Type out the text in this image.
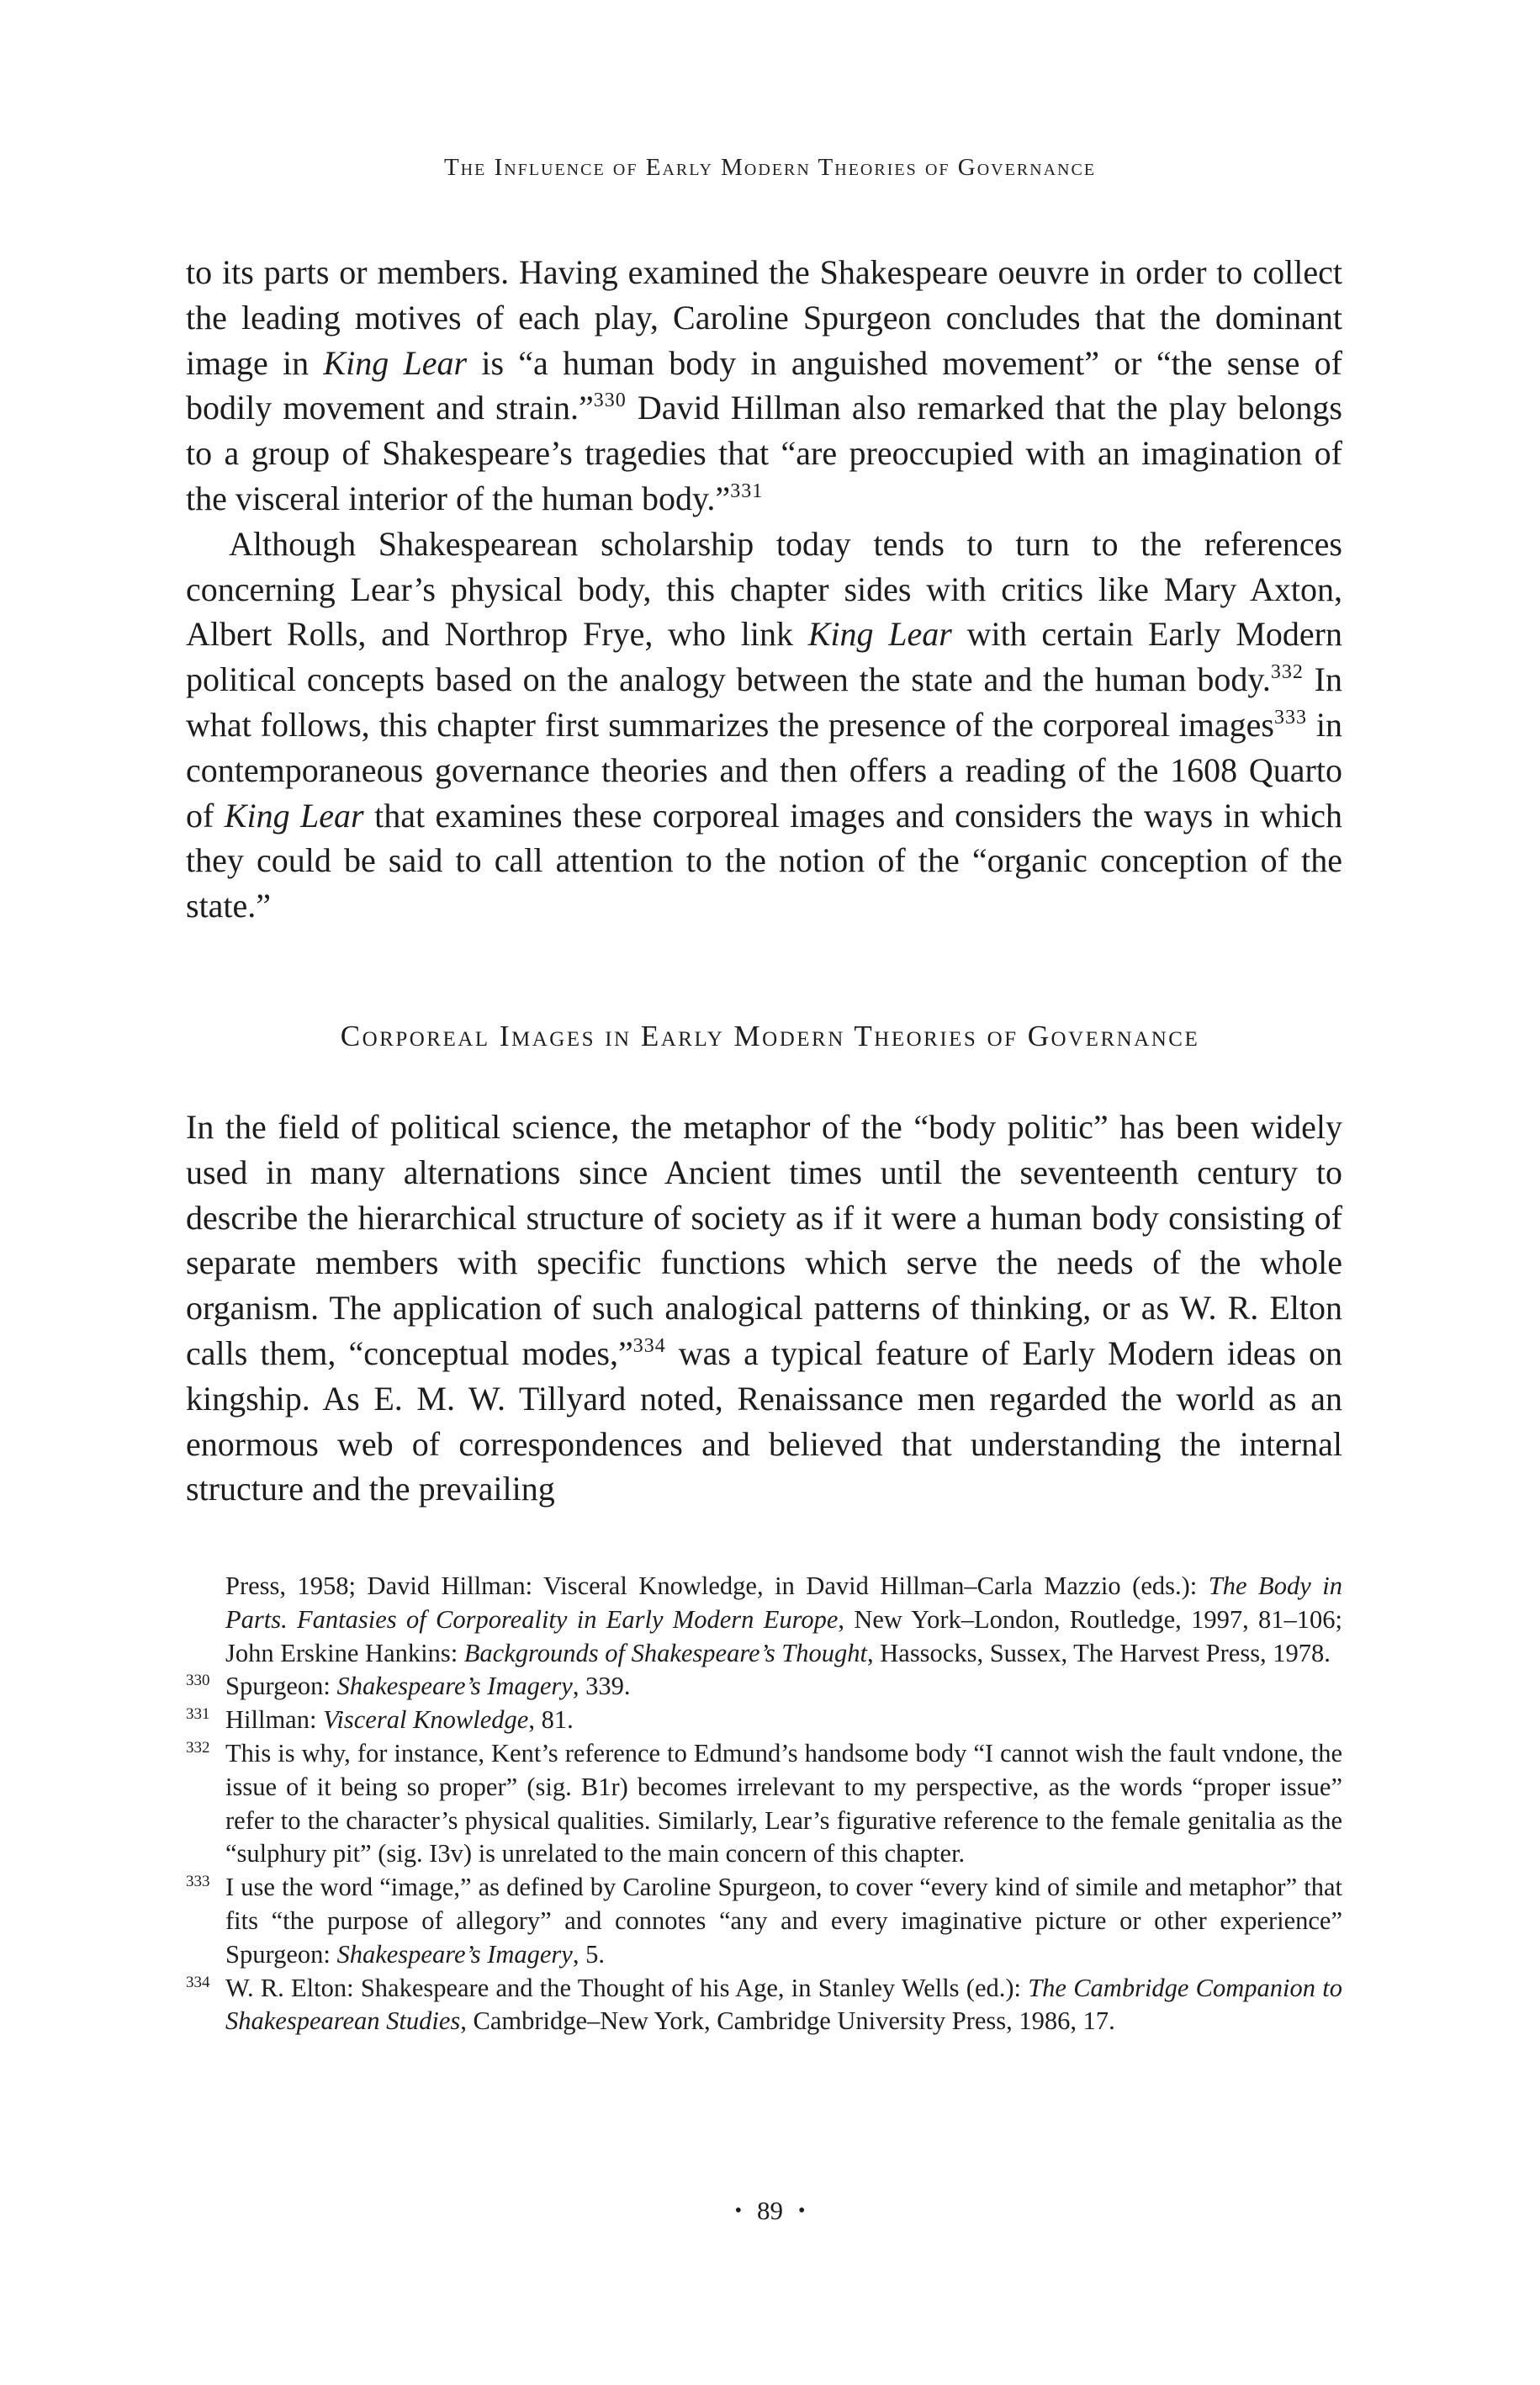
The Influence of Early Modern Theories of Governance

to its parts or members. Having examined the Shakespeare oeuvre in order to collect the leading motives of each play, Caroline Spurgeon concludes that the dominant image in King Lear is “a human body in anguished movement” or “the sense of bodily movement and strain.”$^{330}$ David Hillman also remarked that the play belongs to a group of Shakespeare’s tragedies that “are preoccupied with an imagination of the visceral interior of the human body.”$^{331}$

Although Shakespearean scholarship today tends to turn to the references concerning Lear’s physical body, this chapter sides with critics like Mary Axton, Albert Rolls, and Northrop Frye, who link King Lear with certain Early Modern political concepts based on the analogy between the state and the human body.$^{332}$ In what follows, this chapter first summarizes the presence of the corporeal images$^{333}$ in contemporaneous governance theories and then offers a reading of the 1608 Quarto of King Lear that examines these corporeal images and considers the ways in which they could be said to call attention to the notion of the “organic conception of the state.”

Corporeal Images in Early Modern Theories of Governance

In the field of political science, the metaphor of the “body politic” has been widely used in many alternations since Ancient times until the seventeenth century to describe the hierarchical structure of society as if it were a human body consisting of separate members with specific functions which serve the needs of the whole organism. The application of such analogical patterns of thinking, or as W. R. Elton calls them, “conceptual modes,”$^{334}$ was a typical feature of Early Modern ideas on kingship. As E. M. W. Tillyard noted, Renaissance men regarded the world as an enormous web of correspondences and believed that understanding the internal structure and the prevailing

Press, 1958; David Hillman: Visceral Knowledge, in David Hillman–Carla Mazzio (eds.): The Body in Parts. Fantasies of Corporeality in Early Modern Europe, New York–London, Routledge, 1997, 81–106; John Erskine Hankins: Backgrounds of Shakespeare’s Thought, Hassocks, Sussex, The Harvest Press, 1978.

330 Spurgeon: Shakespeare’s Imagery, 339.

331 Hillman: Visceral Knowledge, 81.

332 This is why, for instance, Kent’s reference to Edmund’s handsome body “I cannot wish the fault vndone, the issue of it being so proper” (sig. B1r) becomes irrelevant to my perspective, as the words “proper issue” refer to the character’s physical qualities. Similarly, Lear’s figurative reference to the female genitalia as the “sulphury pit” (sig. I3v) is unrelated to the main concern of this chapter.

333 I use the word “image,” as defined by Caroline Spurgeon, to cover “every kind of simile and metaphor” that fits “the purpose of allegory” and connotes “any and every imaginative picture or other experience” Spurgeon: Shakespeare’s Imagery, 5.

334 W. R. Elton: Shakespeare and the Thought of his Age, in Stanley Wells (ed.): The Cambridge Companion to Shakespearean Studies, Cambridge–New York, Cambridge University Press, 1986, 17.

• 89 •
